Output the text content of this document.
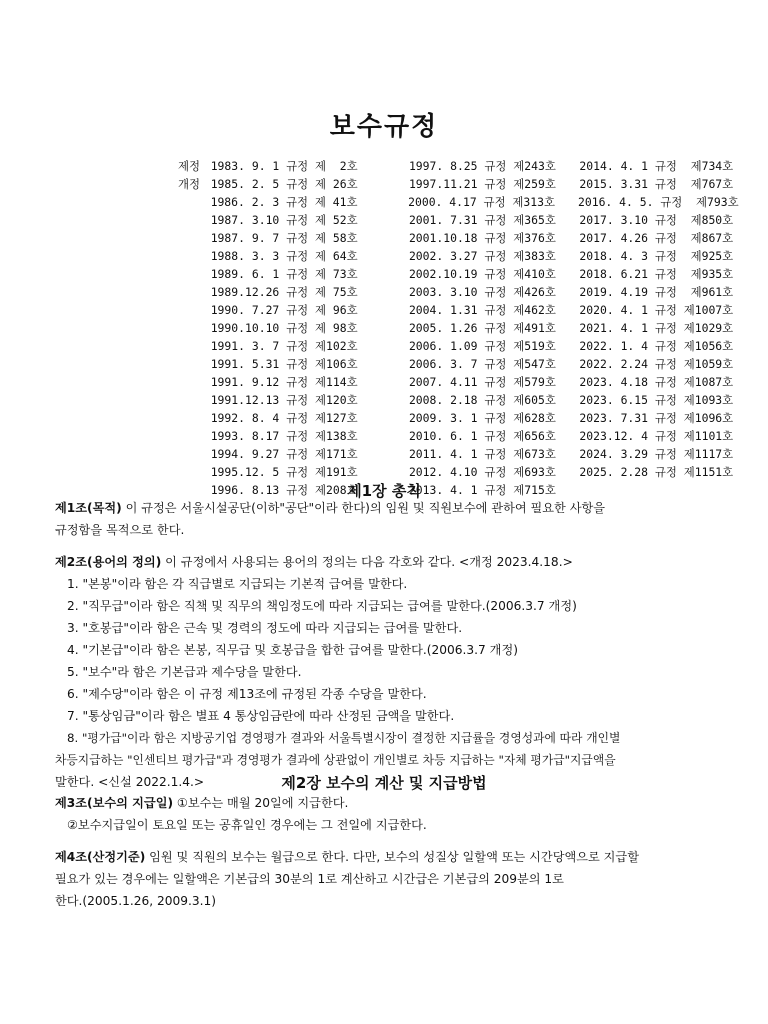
보수규정
제정 1983. 9. 1 규정 제  2호	1997. 8.25 규정 제243호	2014. 4. 1 규정  제734호
개정 1985. 2. 5 규정 제 26호	1997.11.21 규정 제259호	2015. 3.31 규정  제767호
1986. 2. 3 규정 제 41호	2000. 4.17 규정 제313호	2016. 4. 5. 규정  제793호
1987. 3.10 규정 제 52호	2001. 7.31 규정 제365호	2017. 3.10 규정  제850호
1987. 9. 7 규정 제 58호	2001.10.18 규정 제376호	2017. 4.26 규정  제867호
1988. 3. 3 규정 제 64호	2002. 3.27 규정 제383호	2018. 4. 3 규정  제925호
1989. 6. 1 규정 제 73호	2002.10.19 규정 제410호	2018. 6.21 규정  제935호
1989.12.26 규정 제 75호	2003. 3.10 규정 제426호	2019. 4.19 규정  제961호
1990. 7.27 규정 제 96호	2004. 1.31 규정 제462호	2020. 4. 1 규정 제1007호
1990.10.10 규정 제 98호	2005. 1.26 규정 제491호	2021. 4. 1 규정 제1029호
1991. 3. 7 규정 제102호	2006. 1.09 규정 제519호	2022. 1. 4 규정 제1056호
1991. 5.31 규정 제106호	2006. 3. 7 규정 제547호	2022. 2.24 규정 제1059호
1991. 9.12 규정 제114호	2007. 4.11 규정 제579호	2023. 4.18 규정 제1087호
1991.12.13 규정 제120호	2008. 2.18 규정 제605호	2023. 6.15 규정 제1093호
1992. 8. 4 규정 제127호	2009. 3. 1 규정 제628호	2023. 7.31 규정 제1096호
1993. 8.17 규정 제138호	2010. 6. 1 규정 제656호	2023.12. 4 규정 제1101호
1994. 9.27 규정 제171호	2011. 4. 1 규정 제673호	2024. 3.29 규정 제1117호
1995.12. 5 규정 제191호	2012. 4.10 규정 제693호	2025. 2.28 규정 제1151호
1996. 8.13 규정 제208호	2013. 4. 1 규정 제715호
제1장 총칙
제1조(목적) 이 규정은 서울시설공단(이하"공단"이라 한다)의 임원 및 직원보수에 관하여 필요한 사항을
규정함을 목적으로 한다.
제2조(용어의 정의) 이 규정에서 사용되는 용어의 정의는 다음 각호와 같다. <개정 2023.4.18.>
1. "본봉"이라 함은 각 직급별로 지급되는 기본적 급여를 말한다.
2. "직무급"이라 함은 직책 및 직무의 책임정도에 따라 지급되는 급여를 말한다.(2006.3.7 개정)
3. "호봉급"이라 함은 근속 및 경력의 정도에 따라 지급되는 급여를 말한다.
4. "기본급"이라 함은 본봉, 직무급 및 호봉급을 합한 급여를 말한다.(2006.3.7 개정)
5. "보수"라 함은 기본급과 제수당을 말한다.
6. "제수당"이라 함은 이 규정 제13조에 규정된 각종 수당을 말한다.
7. "통상임금"이라 함은 별표 4 통상임금란에 따라 산정된 금액을 말한다.
8. "평가급"이라 함은 지방공기업 경영평가 결과와 서울특별시장이 결정한 지급률을 경영성과에 따라 개인별
차등지급하는 "인센티브 평가급"과 경영평가 결과에 상관없이 개인별로 차등 지급하는 "자체 평가급"지급액을
말한다. <신설 2022.1.4.>	제2장 보수의 계산 및 지급방법
제3조(보수의 지급일) ①보수는 매월 20일에 지급한다.
②보수지급일이 토요일 또는 공휴일인 경우에는 그 전일에 지급한다.
제4조(산정기준) 임원 및 직원의 보수는 월급으로 한다. 다만, 보수의 성질상 일할액 또는 시간당액으로 지급할
필요가 있는 경우에는 일할액은 기본급의 30분의 1로 계산하고 시간급은 기본급의 209분의 1로
한다.(2005.1.26, 2009.3.1)
